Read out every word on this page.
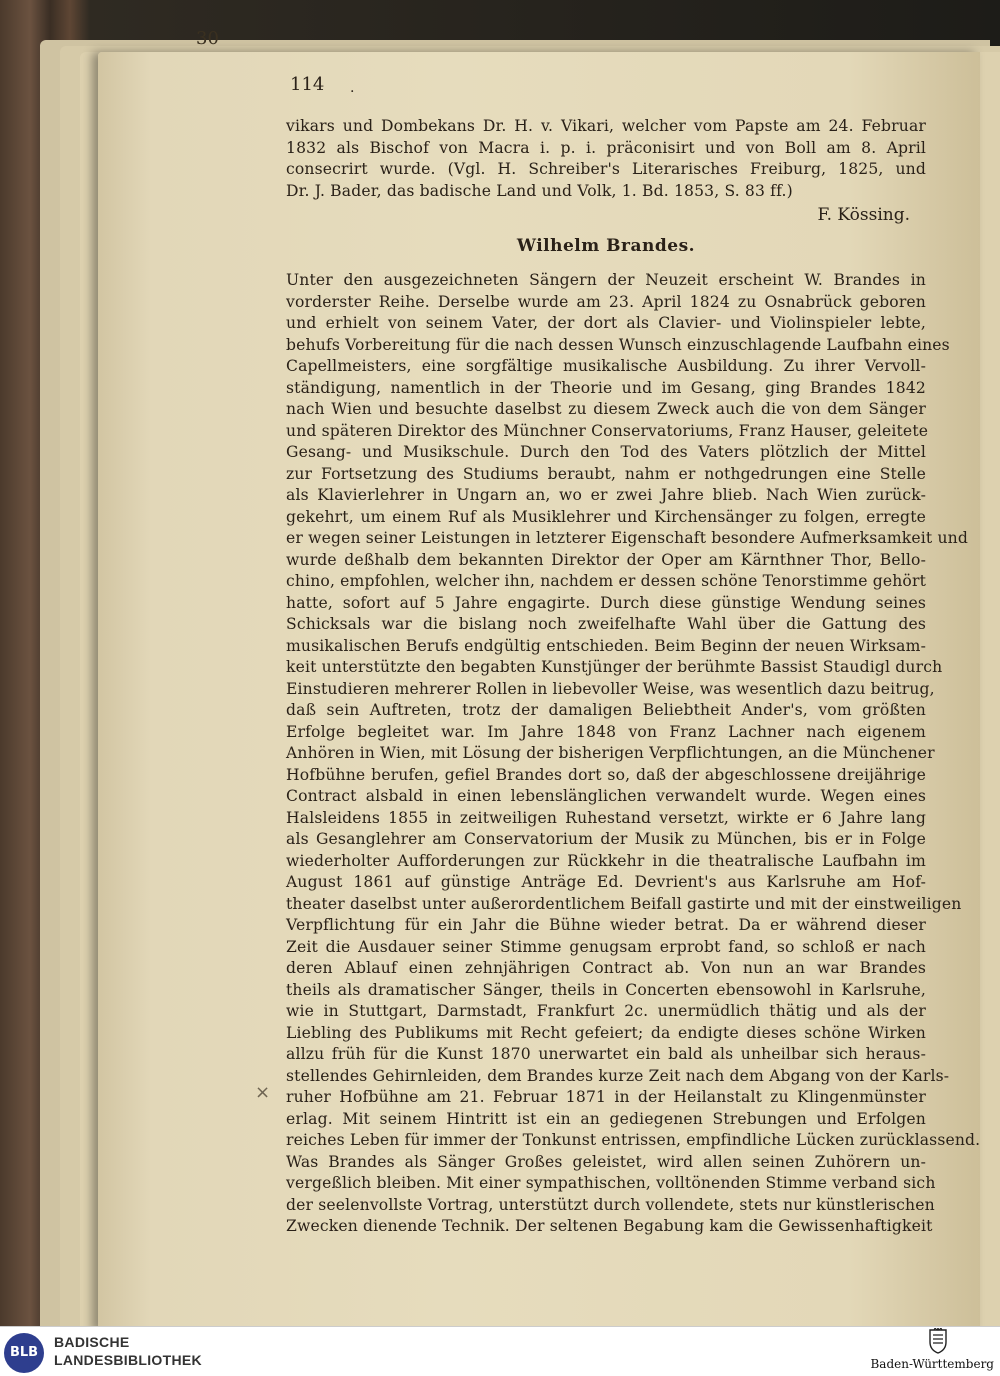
30
114 .
vikars und Dombekans Dr. H. v. Vikari, welcher vom Papste am 24. Februar
1832 als Bischof von Macra i. p. i. präconisirt und von Boll am 8. April
consecrirt wurde. (Vgl. H. Schreiber's Literarisches Freiburg, 1825, und
Dr. J. Bader, das badische Land und Volk, 1. Bd. 1853, S. 83 ff.)
F. Kössing.
Wilhelm Brandes.
Unter den ausgezeichneten Sängern der Neuzeit erscheint W. Brandes in
vorderster Reihe. Derselbe wurde am 23. April 1824 zu Osnabrück geboren
und erhielt von seinem Vater, der dort als Clavier- und Violinspieler lebte,
behufs Vorbereitung für die nach dessen Wunsch einzuschlagende Laufbahn eines
Capellmeisters, eine sorgfältige musikalische Ausbildung. Zu ihrer Vervoll-
ständigung, namentlich in der Theorie und im Gesang, ging Brandes 1842
nach Wien und besuchte daselbst zu diesem Zweck auch die von dem Sänger
und späteren Direktor des Münchner Conservatoriums, Franz Hauser, geleitete
Gesang- und Musikschule. Durch den Tod des Vaters plötzlich der Mittel
zur Fortsetzung des Studiums beraubt, nahm er nothgedrungen eine Stelle
als Klavierlehrer in Ungarn an, wo er zwei Jahre blieb. Nach Wien zurück-
gekehrt, um einem Ruf als Musiklehrer und Kirchensänger zu folgen, erregte
er wegen seiner Leistungen in letzterer Eigenschaft besondere Aufmerksamkeit und
wurde deßhalb dem bekannten Direktor der Oper am Kärnthner Thor, Bello-
chino, empfohlen, welcher ihn, nachdem er dessen schöne Tenorstimme gehört
hatte, sofort auf 5 Jahre engagirte. Durch diese günstige Wendung seines
Schicksals war die bislang noch zweifelhafte Wahl über die Gattung des
musikalischen Berufs endgültig entschieden. Beim Beginn der neuen Wirksam-
keit unterstützte den begabten Kunstjünger der berühmte Bassist Staudigl durch
Einstudieren mehrerer Rollen in liebevoller Weise, was wesentlich dazu beitrug,
daß sein Auftreten, trotz der damaligen Beliebtheit Ander's, vom größten
Erfolge begleitet war. Im Jahre 1848 von Franz Lachner nach eigenem
Anhören in Wien, mit Lösung der bisherigen Verpflichtungen, an die Münchener
Hofbühne berufen, gefiel Brandes dort so, daß der abgeschlossene dreijährige
Contract alsbald in einen lebenslänglichen verwandelt wurde. Wegen eines
Halsleidens 1855 in zeitweiligen Ruhestand versetzt, wirkte er 6 Jahre lang
als Gesanglehrer am Conservatorium der Musik zu München, bis er in Folge
wiederholter Aufforderungen zur Rückkehr in die theatralische Laufbahn im
August 1861 auf günstige Anträge Ed. Devrient's aus Karlsruhe am Hof-
theater daselbst unter außerordentlichem Beifall gastirte und mit der einstweiligen
Verpflichtung für ein Jahr die Bühne wieder betrat. Da er während dieser
Zeit die Ausdauer seiner Stimme genugsam erprobt fand, so schloß er nach
deren Ablauf einen zehnjährigen Contract ab. Von nun an war Brandes
theils als dramatischer Sänger, theils in Concerten ebensowohl in Karlsruhe,
wie in Stuttgart, Darmstadt, Frankfurt 2c. unermüdlich thätig und als der
Liebling des Publikums mit Recht gefeiert; da endigte dieses schöne Wirken
allzu früh für die Kunst 1870 unerwartet ein bald als unheilbar sich heraus-
stellendes Gehirnleiden, dem Brandes kurze Zeit nach dem Abgang von der Karls-
ruher Hofbühne am 21. Februar 1871 in der Heilanstalt zu Klingenmünster
erlag. Mit seinem Hintritt ist ein an gediegenen Strebungen und Erfolgen
reiches Leben für immer der Tonkunst entrissen, empfindliche Lücken zurücklassend.
Was Brandes als Sänger Großes geleistet, wird allen seinen Zuhörern un-
vergeßlich bleiben. Mit einer sympathischen, volltönenden Stimme verband sich
der seelenvollste Vortrag, unterstützt durch vollendete, stets nur künstlerischen
Zwecken dienende Technik. Der seltenen Begabung kam die Gewissenhaftigkeit
×
BLB
BADISCHE
LANDESBIBLIOTHEK	Baden-Württemberg
